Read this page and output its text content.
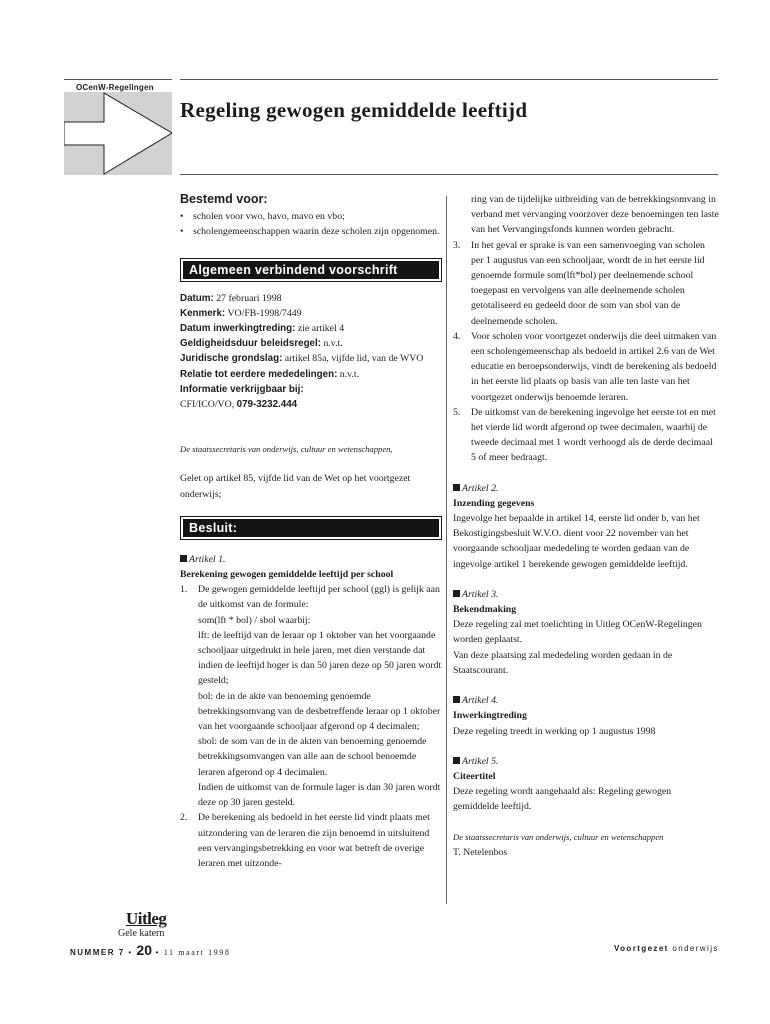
OCenW-Regelingen
Regeling gewogen gemiddelde leeftijd
Bestemd voor:

• scholen voor vwo, havo, mavo en vbo;

• scholengemeenschappen waarin deze scholen zijn opgenomen.

Algemeen verbindend voorschrift

Datum: 27 februari 1998

Kenmerk: VO/FB-1998/7449

Datum inwerkingtreding: zie artikel 4

Geldigheidsduur beleidsregel: n.v.t.

Juridische grondslag: artikel 85a, vijfde lid, van de WVO

Relatie tot eerdere mededelingen: n.v.t.

Informatie verkrijgbaar bij:

CFI/ICO/VO, 079-3232.444

De staatssecretaris van onderwijs, cultuur en wetenschappen,

Gelet op artikel 85, vijfde lid van de Wet op het voortgezet onderwijs;

Besluit:

Artikel 1.

Berekening gewogen gemiddelde leeftijd per school

1. De gewogen gemiddelde leeftijd per school (ggl) is gelijk aan de uitkomst van de formule:

som(lft * bol) / sbol waarbij:

lft: de leeftijd van de leraar op 1 oktober van het voorgaande schooljaar uitgedrukt in hele jaren, met dien verstande dat indien de leeftijd hoger is dan 50 jaren deze op 50 jaren wordt gesteld;

bol: de in de akte van benoeming genoemde betrekkingsomvang van de desbetreffende leraar op 1 oktober van het voorgaande schooljaar afgerond op 4 decimalen;

sbol: de som van de in de akten van benoeming genoemde betrekkingsomvangen van alle aan de school benoemde leraren afgerond op 4 decimalen.

Indien de uitkomst van de formule lager is dan 30 jaren wordt deze op 30 jaren gesteld.

2. De berekening als bedoeld in het eerste lid vindt plaats met uitzondering van de leraren die zijn benoemd in uitsluitend een vervangingsbetrekking en voor wat betreft de overige leraren met uitzonde-

ring van de tijdelijke uitbreiding van de betrekkingsomvang in verband met vervanging voorzover deze benoemingen ten laste van het Vervangingsfonds kunnen worden gebracht.

3. In het geval er sprake is van een samenvoeging van scholen per 1 augustus van een schooljaar, wordt de in het eerste lid genoemde formule som(lft*bol) per deelnemende school toegepast en vervolgens van alle deelnemende scholen getotaliseerd en gedeeld door de som van sbol van de deelnemende scholen.

4. Voor scholen voor voortgezet onderwijs die deel uitmaken van een scholengemeenschap als bedoeld in artikel 2.6 van de Wet educatie en beroepsonderwijs, vindt de berekening als bedoeld in het eerste lid plaats op basis van alle ten laste van het voortgezet onderwijs benoemde leraren.

5. De uitkomst van de berekening ingevolge het eerste tot en met het vierde lid wordt afgerond op twee decimalen, waarbij de tweede decimaal met 1 wordt verhoogd als de derde decimaal 5 of meer bedraagt.

Artikel 2.

Inzending gegevens

Ingevolge het bepaalde in artikel 14, eerste lid onder b, van het Bekostigingsbesluit W.V.O. dient voor 22 november van het voorgaande schooljaar mededeling te worden gedaan van de ingevolge artikel 1 berekende gewogen gemiddelde leeftijd.

Artikel 3.

Bekendmaking

Deze regeling zal met toelichting in Uitleg OCenW-Regelingen worden geplaatst.

Van deze plaatsing zal mededeling worden gedaan in de Staatscourant.

Artikel 4.

Inwerkingtreding

Deze regeling treedt in werking op 1 augustus 1998

Artikel 5.

Citeertitel

Deze regeling wordt aangehaald als: Regeling gewogen gemiddelde leeftijd.

De staatssecretaris van onderwijs, cultuur en wetenschappen

T. Netelenbos

Uitleg
Gele katern
NUMMER 7 • 20 • 11 maart 1998	Voortgezet onderwijs
